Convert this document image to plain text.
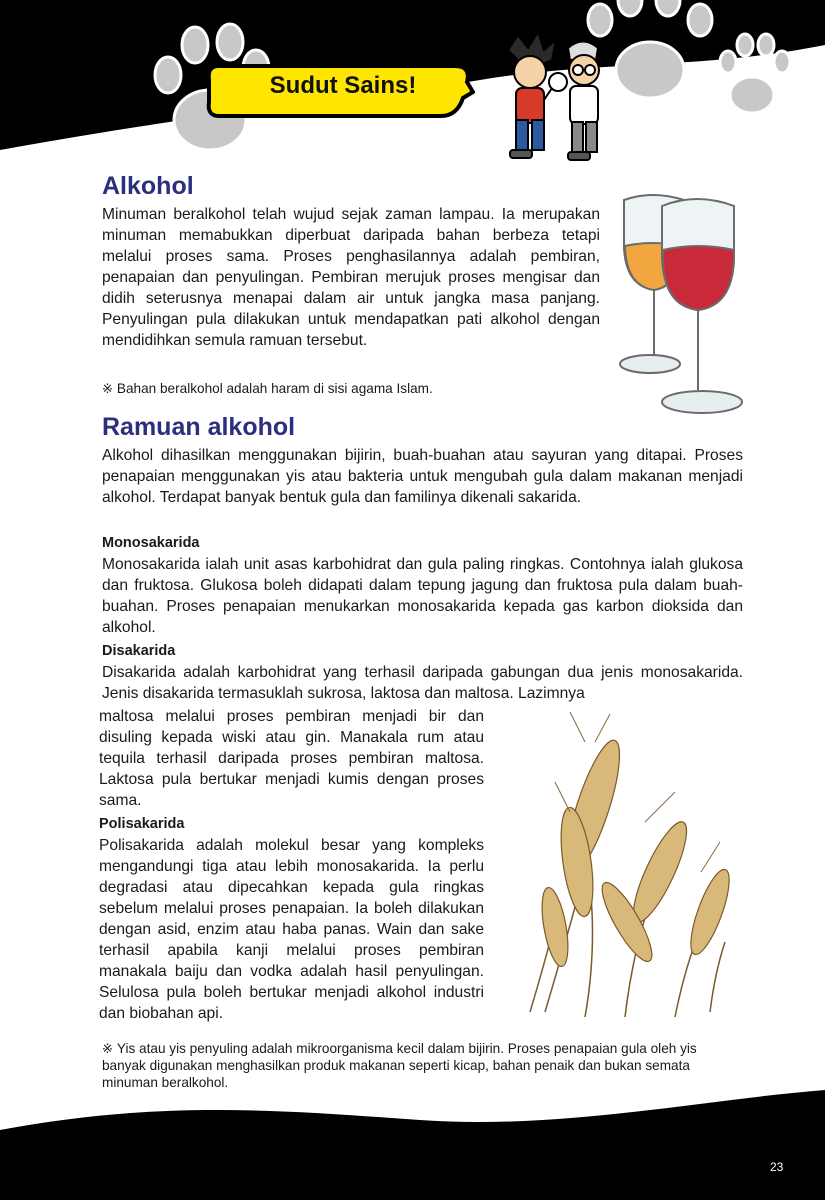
Sudut Sains!
Alkohol

Minuman beralkohol telah wujud sejak zaman lampau. Ia merupakan minuman memabukkan diperbuat daripada bahan berbeza tetapi melalui proses sama. Proses penghasilannya adalah pembiran, penapaian dan penyulingan. Pembiran merujuk proses mengisar dan didih seterusnya menapai dalam air untuk jangka masa panjang. Penyulingan pula dilakukan untuk mendapatkan pati alkohol dengan mendidihkan semula ramuan tersebut.

※ Bahan beralkohol adalah haram di sisi agama Islam.

Ramuan alkohol

Alkohol dihasilkan menggunakan bijirin, buah-buahan atau sayuran yang ditapai. Proses penapaian menggunakan yis atau bakteria untuk mengubah gula dalam makanan menjadi alkohol. Terdapat banyak bentuk gula dan familinya dikenali sakarida.

Monosakarida

Monosakarida ialah unit asas karbohidrat dan gula paling ringkas. Contohnya ialah glukosa dan fruktosa. Glukosa boleh didapati dalam tepung jagung dan fruktosa pula dalam buah-buahan. Proses penapaian menukarkan monosakarida kepada gas karbon dioksida dan alkohol.

Disakarida

Disakarida adalah karbohidrat yang terhasil daripada gabungan dua jenis monosakarida. Jenis disakarida termasuklah sukrosa, laktosa dan maltosa. Lazimnya

maltosa melalui proses pembiran menjadi bir dan disuling kepada wiski atau gin. Manakala rum atau tequila terhasil daripada proses pembiran maltosa. Laktosa pula bertukar menjadi kumis dengan proses sama.

Polisakarida

Polisakarida adalah molekul besar yang kompleks mengandungi tiga atau lebih monosakarida. Ia perlu degradasi atau dipecahkan kepada gula ringkas sebelum melalui proses penapaian. Ia boleh dilakukan dengan asid, enzim atau haba panas. Wain dan sake terhasil apabila kanji melalui proses pembiran manakala baiju dan vodka adalah hasil penyulingan. Selulosa pula boleh bertukar menjadi alkohol industri dan biobahan api.

※ Yis atau yis penyuling adalah mikroorganisma kecil dalam bijirin. Proses penapaian gula oleh yis banyak digunakan menghasilkan produk makanan seperti kicap, bahan penaik dan bukan semata minuman beralkohol.

23
